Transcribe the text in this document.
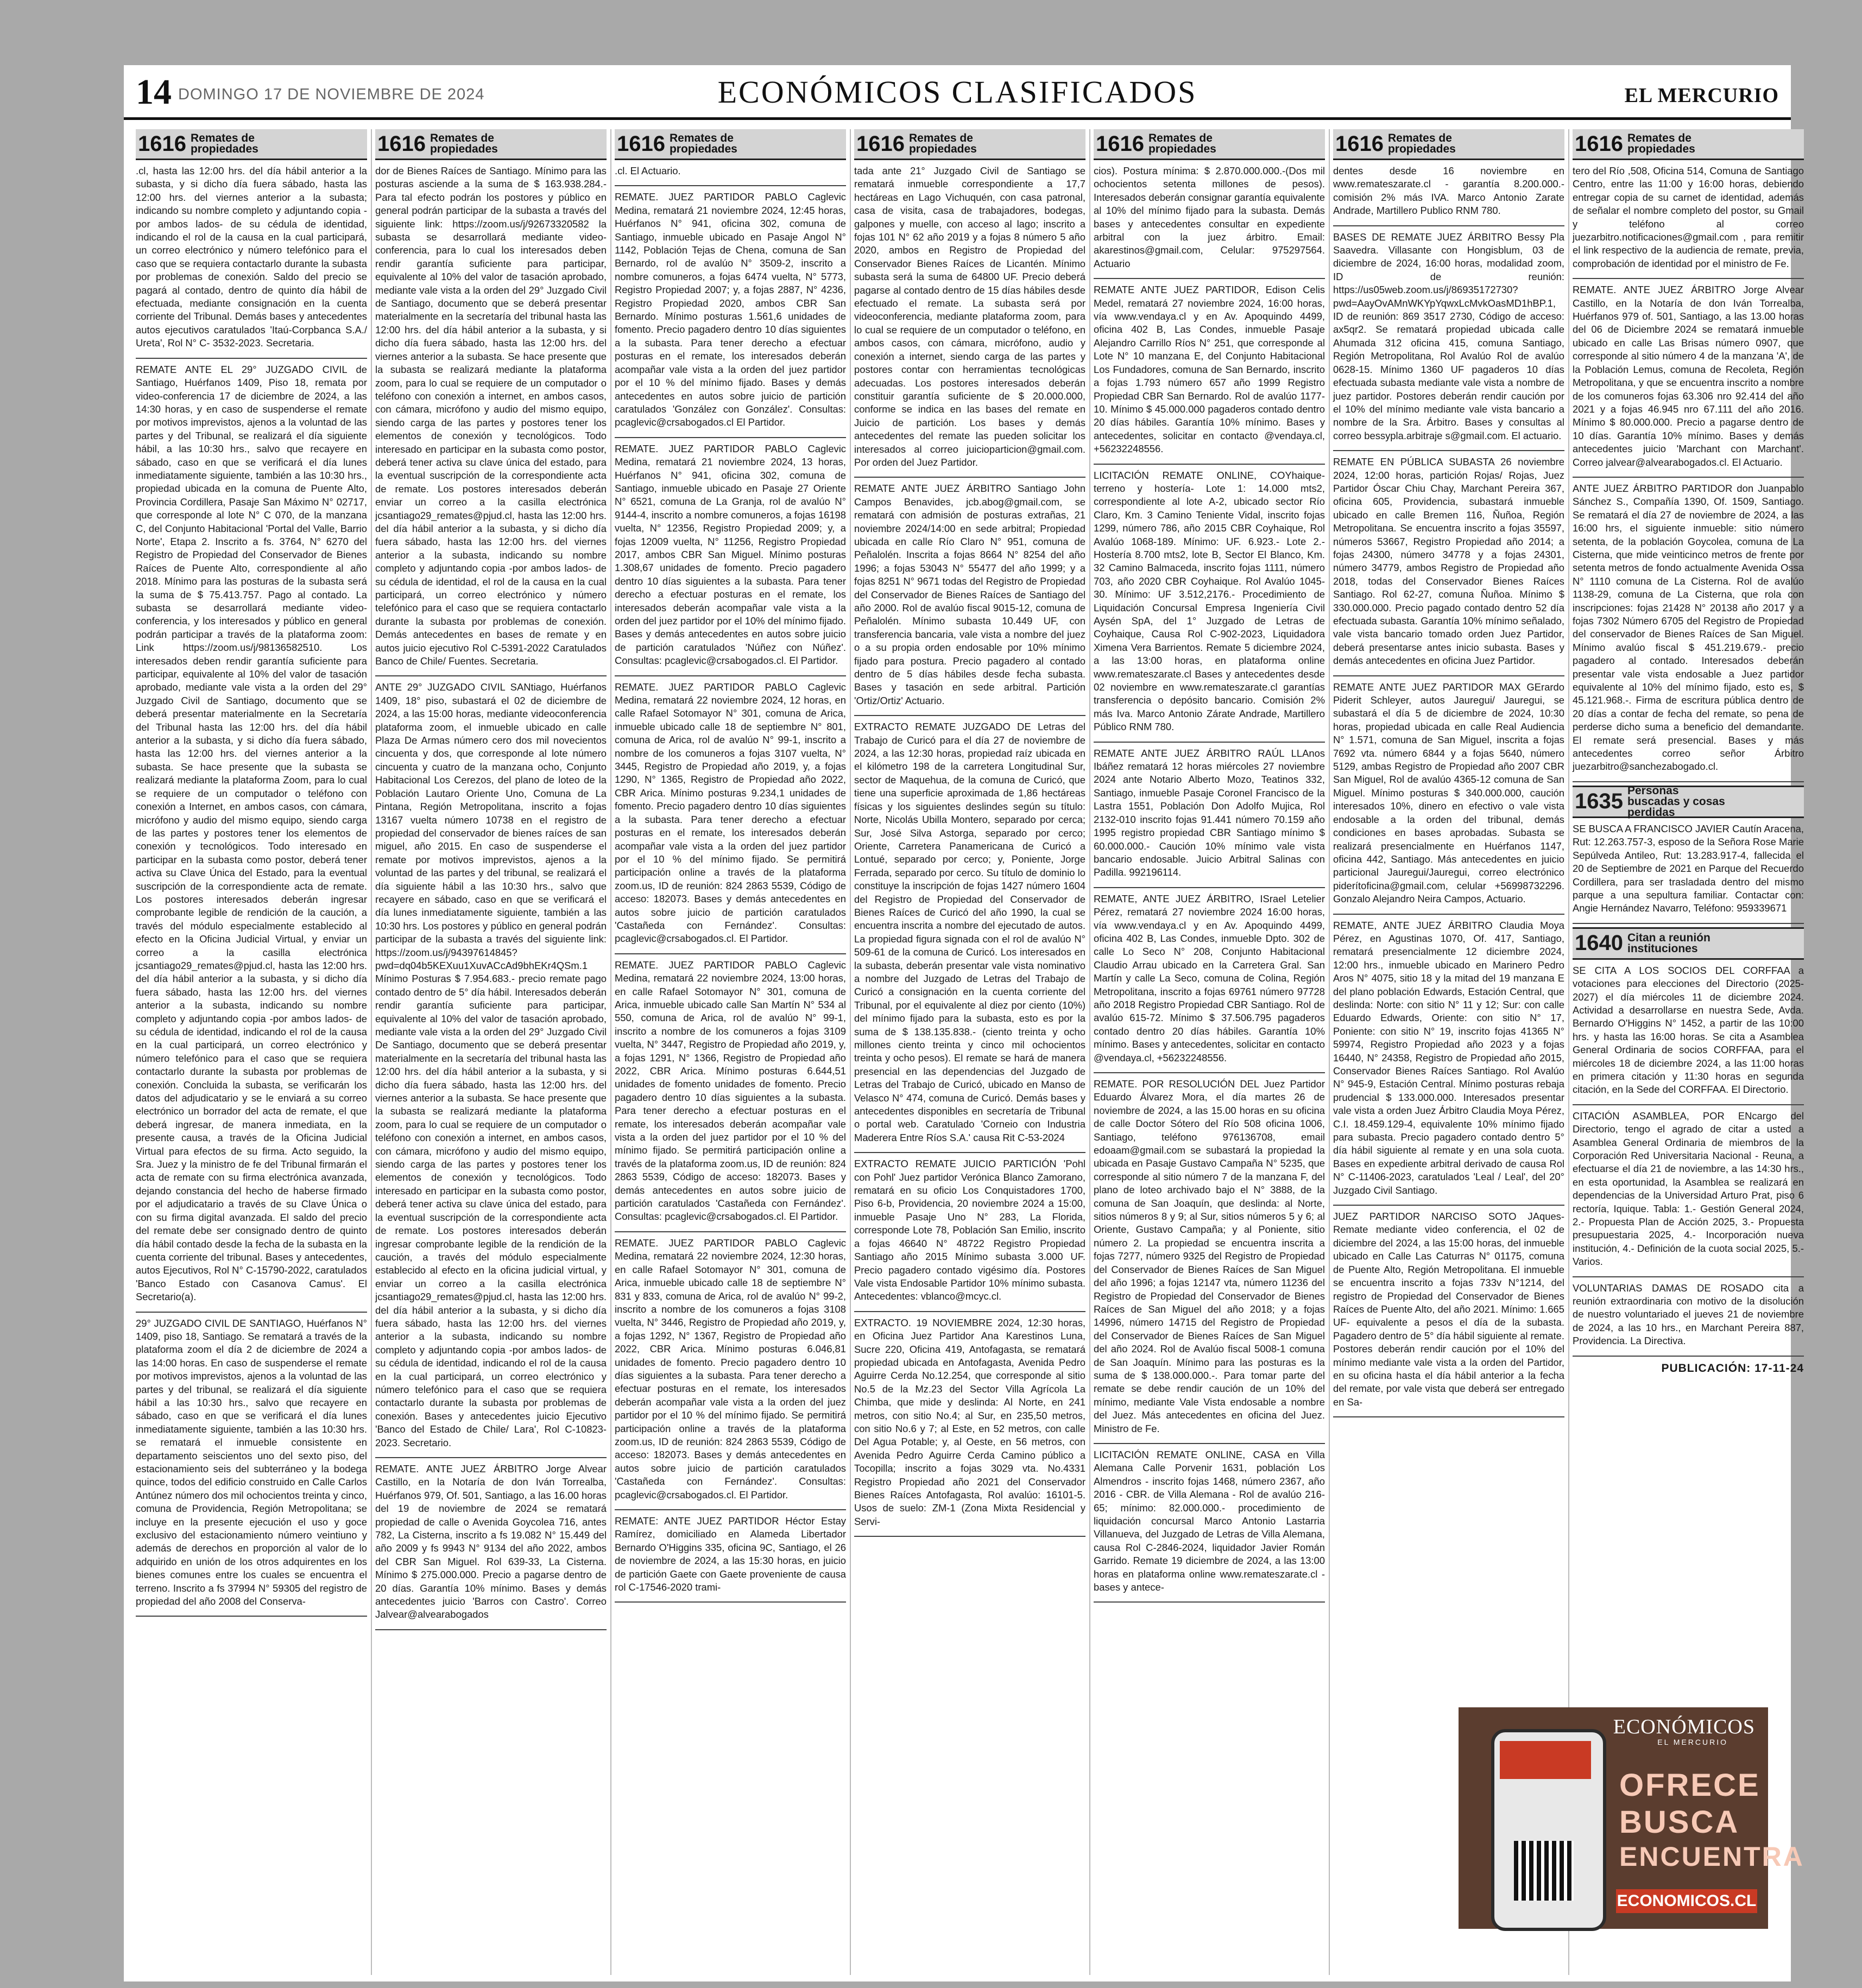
14 DOMINGO 17 DE NOVIEMBRE DE 2024	ECONÓMICOS CLASIFICADOS	EL MERCURIO
1616 Remates de propiedades

.cl, hasta las 12:00 hrs. del día hábil anterior a la subasta, y si dicho día fuera sábado, hasta las 12:00 hrs. del viernes anterior a la subasta; indicando su nombre completo y adjuntando copia -por ambos lados- de su cédula de identidad, indicando el rol de la causa en la cual participará, un correo electrónico y número telefónico para el caso que se requiera contactarlo durante la subasta por problemas de conexión. Saldo del precio se pagará al contado, dentro de quinto día hábil de efectuada, mediante consignación en la cuenta corriente del Tribunal. Demás bases y antecedentes autos ejecutivos caratulados 'Itaú-Corpbanca S.A./ Ureta', Rol N° C- 3532-2023. Secretaria.

REMATE ANTE EL 29° JUZGADO CIVIL de Santiago, Huérfanos 1409, Piso 18, remata por video-conferencia 17 de diciembre de 2024, a las 14:30 horas, y en caso de suspenderse el remate por motivos imprevistos, ajenos a la voluntad de las partes y del Tribunal, se realizará el día siguiente hábil, a las 10:30 hrs., salvo que recayere en sábado, caso en que se verificará el día lunes inmediatamente siguiente, también a las 10:30 hrs., propiedad ubicada en la comuna de Puente Alto, Provincia Cordillera, Pasaje San Máximo N° 02717, que corresponde al lote N° C 070, de la manzana C, del Conjunto Habitacional 'Portal del Valle, Barrio Norte', Etapa 2. Inscrito a fs. 3764, N° 6270 del Registro de Propiedad del Conservador de Bienes Raíces de Puente Alto, correspondiente al año 2018. Mínimo para las posturas de la subasta será la suma de $ 75.413.757. Pago al contado. La subasta se desarrollará mediante video-conferencia, y los interesados y público en general podrán participar a través de la plataforma zoom: Link https://zoom.us/j/98136582510. Los interesados deben rendir garantía suficiente para participar, equivalente al 10% del valor de tasación aprobado, mediante vale vista a la orden del 29° Juzgado Civil de Santiago, documento que se deberá presentar materialmente en la Secretaría del Tribunal hasta las 12:00 hrs. del día hábil anterior a la subasta, y si dicho día fuera sábado, hasta las 12:00 hrs. del viernes anterior a la subasta. Se hace presente que la subasta se realizará mediante la plataforma Zoom, para lo cual se requiere de un computador o teléfono con conexión a Internet, en ambos casos, con cámara, micrófono y audio del mismo equipo, siendo carga de las partes y postores tener los elementos de conexión y tecnológicos. Todo interesado en participar en la subasta como postor, deberá tener activa su Clave Única del Estado, para la eventual suscripción de la correspondiente acta de remate. Los postores interesados deberán ingresar comprobante legible de rendición de la caución, a través del módulo especialmente establecido al efecto en la Oficina Judicial Virtual, y enviar un correo a la casilla electrónica jcsantiago29_remates@pjud.cl, hasta las 12:00 hrs. del día hábil anterior a la subasta, y si dicho día fuera sábado, hasta las 12:00 hrs. del viernes anterior a la subasta, indicando su nombre completo y adjuntando copia -por ambos lados- de su cédula de identidad, indicando el rol de la causa en la cual participará, un correo electrónico y número telefónico para el caso que se requiera contactarlo durante la subasta por problemas de conexión. Concluida la subasta, se verificarán los datos del adjudicatario y se le enviará a su correo electrónico un borrador del acta de remate, el que deberá ingresar, de manera inmediata, en la presente causa, a través de la Oficina Judicial Virtual para efectos de su firma. Acto seguido, la Sra. Juez y la ministro de fe del Tribunal firmarán el acta de remate con su firma electrónica avanzada, dejando constancia del hecho de haberse firmado por el adjudicatario a través de su Clave Única o con su firma digital avanzada. El saldo del precio del remate debe ser consignado dentro de quinto día hábil contado desde la fecha de la subasta en la cuenta corriente del tribunal. Bases y antecedentes, autos Ejecutivos, Rol N° C-15790-2022, caratulados 'Banco Estado con Casanova Camus'. El Secretario(a).

29° JUZGADO CIVIL DE SANTIAGO, Huérfanos N° 1409, piso 18, Santiago. Se rematará a través de la plataforma zoom el día 2 de diciembre de 2024 a las 14:00 horas. En caso de suspenderse el remate por motivos imprevistos, ajenos a la voluntad de las partes y del tribunal, se realizará el día siguiente hábil a las 10:30 hrs., salvo que recayere en sábado, caso en que se verificará el día lunes inmediatamente siguiente, también a las 10:30 hrs. se rematará el inmueble consistente en departamento seiscientos uno del sexto piso, del estacionamiento seis del subterráneo y la bodega quince, todos del edificio construido en Calle Carlos Antúnez número dos mil ochocientos treinta y cinco, comuna de Providencia, Región Metropolitana; se incluye en la presente ejecución el uso y goce exclusivo del estacionamiento número veintiuno y además de derechos en proporción al valor de lo adquirido en unión de los otros adquirentes en los bienes comunes entre los cuales se encuentra el terreno. Inscrito a fs 37994 N° 59305 del registro de propiedad del año 2008 del Conserva-

1616 Remates de propiedades

dor de Bienes Raíces de Santiago. Mínimo para las posturas asciende a la suma de $ 163.938.284.- Para tal efecto podrán los postores y público en general podrán participar de la subasta a través del siguiente link: https://zoom.us/j/92673320582 la subasta se desarrollará mediante video-conferencia, para lo cual los interesados deben rendir garantía suficiente para participar, equivalente al 10% del valor de tasación aprobado, mediante vale vista a la orden del 29° Juzgado Civil de Santiago, documento que se deberá presentar materialmente en la secretaría del tribunal hasta las 12:00 hrs. del día hábil anterior a la subasta, y si dicho día fuera sábado, hasta las 12:00 hrs. del viernes anterior a la subasta. Se hace presente que la subasta se realizará mediante la plataforma zoom, para lo cual se requiere de un computador o teléfono con conexión a internet, en ambos casos, con cámara, micrófono y audio del mismo equipo, siendo carga de las partes y postores tener los elementos de conexión y tecnológicos. Todo interesado en participar en la subasta como postor, deberá tener activa su clave única del estado, para la eventual suscripción de la correspondiente acta de remate. Los postores interesados deberán enviar un correo a la casilla electrónica jcsantiago29_remates@pjud.cl, hasta las 12:00 hrs. del día hábil anterior a la subasta, y si dicho día fuera sábado, hasta las 12:00 hrs. del viernes anterior a la subasta, indicando su nombre completo y adjuntando copia -por ambos lados- de su cédula de identidad, el rol de la causa en la cual participará, un correo electrónico y número telefónico para el caso que se requiera contactarlo durante la subasta por problemas de conexión. Demás antecedentes en bases de remate y en autos juicio ejecutivo Rol C-5391-2022 Caratulados Banco de Chile/ Fuentes. Secretaria.

ANTE 29° JUZGADO CIVIL SANtiago, Huérfanos 1409, 18° piso, subastará el 02 de diciembre de 2024, a las 15:00 horas, mediante videoconferencia plataforma zoom, el inmueble ubicado en calle Plaza De Armas número cero dos mil novecientos cincuenta y dos, que corresponde al lote número cincuenta y cuatro de la manzana ocho, Conjunto Habitacional Los Cerezos, del plano de loteo de la Población Lautaro Oriente Uno, Comuna de La Pintana, Región Metropolitana, inscrito a fojas 13167 vuelta número 10738 en el registro de propiedad del conservador de bienes raíces de san miguel, año 2015. En caso de suspenderse el remate por motivos imprevistos, ajenos a la voluntad de las partes y del tribunal, se realizará el día siguiente hábil a las 10:30 hrs., salvo que recayere en sábado, caso en que se verificará el día lunes inmediatamente siguiente, también a las 10:30 hrs. Los postores y público en general podrán participar de la subasta a través del siguiente link: https://zoom.us/j/94397614845?pwd=dq04b5KEXuu1XuvACcAd9bhEKr4QSm.1 Mínimo Posturas $ 7.954.683.- precio remate pago contado dentro de 5° día hábil. Interesados deberán rendir garantía suficiente para participar, equivalente al 10% del valor de tasación aprobado, mediante vale vista a la orden del 29° Juzgado Civil De Santiago, documento que se deberá presentar materialmente en la secretaría del tribunal hasta las 12:00 hrs. del día hábil anterior a la subasta, y si dicho día fuera sábado, hasta las 12:00 hrs. del viernes anterior a la subasta. Se hace presente que la subasta se realizará mediante la plataforma zoom, para lo cual se requiere de un computador o teléfono con conexión a internet, en ambos casos, con cámara, micrófono y audio del mismo equipo, siendo carga de las partes y postores tener los elementos de conexión y tecnológicos. Todo interesado en participar en la subasta como postor, deberá tener activa su clave única del estado, para la eventual suscripción de la correspondiente acta de remate. Los postores interesados deberán ingresar comprobante legible de la rendición de la caución, a través del módulo especialmente establecido al efecto en la oficina judicial virtual, y enviar un correo a la casilla electrónica jcsantiago29_remates@pjud.cl, hasta las 12:00 hrs. del día hábil anterior a la subasta, y si dicho día fuera sábado, hasta las 12:00 hrs. del viernes anterior a la subasta, indicando su nombre completo y adjuntando copia -por ambos lados- de su cédula de identidad, indicando el rol de la causa en la cual participará, un correo electrónico y número telefónico para el caso que se requiera contactarlo durante la subasta por problemas de conexión. Bases y antecedentes juicio Ejecutivo 'Banco del Estado de Chile/ Lara', Rol C-10823-2023. Secretario.

REMATE. ANTE JUEZ ÁRBITRO Jorge Alvear Castillo, en la Notaría de don Iván Torrealba, Huérfanos 979, Of. 501, Santiago, a las 16.00 horas del 19 de noviembre de 2024 se rematará propiedad de calle o Avenida Goycolea 716, antes 782, La Cisterna, inscrito a fs 19.082 N° 15.449 del año 2009 y fs 9943 N° 9134 del año 2022, ambos del CBR San Miguel. Rol 639-33, La Cisterna. Mínimo $ 275.000.000. Precio a pagarse dentro de 20 días. Garantía 10% mínimo. Bases y demás antecedentes juicio 'Barros con Castro'. Correo Jalvear@alvearabogados

1616 Remates de propiedades

.cl. El Actuario.

REMATE. JUEZ PARTIDOR PABLO Caglevic Medina, rematará 21 noviembre 2024, 12:45 horas, Huérfanos N° 941, oficina 302, comuna de Santiago, inmueble ubicado en Pasaje Angol N° 1142, Población Tejas de Chena, comuna de San Bernardo, rol de avalúo N° 3509-2, inscrito a nombre comuneros, a fojas 6474 vuelta, N° 5773, Registro Propiedad 2007; y, a fojas 2887, N° 4236, Registro Propiedad 2020, ambos CBR San Bernardo. Mínimo posturas 1.561,6 unidades de fomento. Precio pagadero dentro 10 días siguientes a la subasta. Para tener derecho a efectuar posturas en el remate, los interesados deberán acompañar vale vista a la orden del juez partidor por el 10 % del mínimo fijado. Bases y demás antecedentes en autos sobre juicio de partición caratulados 'González con González'. Consultas: pcaglevic@crsabogados.cl El Partidor.

REMATE. JUEZ PARTIDOR PABLO Caglevic Medina, rematará 21 noviembre 2024, 13 horas, Huérfanos N° 941, oficina 302, comuna de Santiago, inmueble ubicado en Pasaje 27 Oriente N° 6521, comuna de La Granja, rol de avalúo N° 9144-4, inscrito a nombre comuneros, a fojas 16198 vuelta, N° 12356, Registro Propiedad 2009; y, a fojas 12009 vuelta, N° 11256, Registro Propiedad 2017, ambos CBR San Miguel. Mínimo posturas 1.308,67 unidades de fomento. Precio pagadero dentro 10 días siguientes a la subasta. Para tener derecho a efectuar posturas en el remate, los interesados deberán acompañar vale vista a la orden del juez partidor por el 10% del mínimo fijado. Bases y demás antecedentes en autos sobre juicio de partición caratulados 'Núñez con Núñez'. Consultas: pcaglevic@crsabogados.cl. El Partidor.

REMATE. JUEZ PARTIDOR PABLO Caglevic Medina, rematará 22 noviembre 2024, 12 horas, en calle Rafael Sotomayor N° 301, comuna de Arica, inmueble ubicado calle 18 de septiembre N° 801, comuna de Arica, rol de avalúo N° 99-1, inscrito a nombre de los comuneros a fojas 3107 vuelta, N° 3445, Registro de Propiedad año 2019, y, a fojas 1290, N° 1365, Registro de Propiedad año 2022, CBR Arica. Mínimo posturas 9.234,1 unidades de fomento. Precio pagadero dentro 10 días siguientes a la subasta. Para tener derecho a efectuar posturas en el remate, los interesados deberán acompañar vale vista a la orden del juez partidor por el 10 % del mínimo fijado. Se permitirá participación online a través de la plataforma zoom.us, ID de reunión: 824 2863 5539, Código de acceso: 182073. Bases y demás antecedentes en autos sobre juicio de partición caratulados 'Castañeda con Fernández'. Consultas: pcaglevic@crsabogados.cl. El Partidor.

REMATE. JUEZ PARTIDOR PABLO Caglevic Medina, rematará 22 noviembre 2024, 13:00 horas, en calle Rafael Sotomayor N° 301, comuna de Arica, inmueble ubicado calle San Martín N° 534 al 550, comuna de Arica, rol de avalúo N° 99-1, inscrito a nombre de los comuneros a fojas 3109 vuelta, N° 3447, Registro de Propiedad año 2019, y, a fojas 1291, N° 1366, Registro de Propiedad año 2022, CBR Arica. Mínimo posturas 6.644,51 unidades de fomento unidades de fomento. Precio pagadero dentro 10 días siguientes a la subasta. Para tener derecho a efectuar posturas en el remate, los interesados deberán acompañar vale vista a la orden del juez partidor por el 10 % del mínimo fijado. Se permitirá participación online a través de la plataforma zoom.us, ID de reunión: 824 2863 5539, Código de acceso: 182073. Bases y demás antecedentes en autos sobre juicio de partición caratulados 'Castañeda con Fernández'. Consultas: pcaglevic@crsabogados.cl. El Partidor.

REMATE. JUEZ PARTIDOR PABLO Caglevic Medina, rematará 22 noviembre 2024, 12:30 horas, en calle Rafael Sotomayor N° 301, comuna de Arica, inmueble ubicado calle 18 de septiembre N° 831 y 833, comuna de Arica, rol de avalúo N° 99-2, inscrito a nombre de los comuneros a fojas 3108 vuelta, N° 3446, Registro de Propiedad año 2019, y, a fojas 1292, N° 1367, Registro de Propiedad año 2022, CBR Arica. Mínimo posturas 6.046,81 unidades de fomento. Precio pagadero dentro 10 días siguientes a la subasta. Para tener derecho a efectuar posturas en el remate, los interesados deberán acompañar vale vista a la orden del juez partidor por el 10 % del mínimo fijado. Se permitirá participación online a través de la plataforma zoom.us, ID de reunión: 824 2863 5539, Código de acceso: 182073. Bases y demás antecedentes en autos sobre juicio de partición caratulados 'Castañeda con Fernández'. Consultas: pcaglevic@crsabogados.cl. El Partidor.

REMATE: ANTE JUEZ PARTIDOR Héctor Estay Ramírez, domiciliado en Alameda Libertador Bernardo O'Higgins 335, oficina 9C, Santiago, el 26 de noviembre de 2024, a las 15:30 horas, en juicio de partición Gaete con Gaete proveniente de causa rol C-17546-2020 trami-

1616 Remates de propiedades

tada ante 21° Juzgado Civil de Santiago se rematará inmueble correspondiente a 17,7 hectáreas en Lago Vichuquén, con casa patronal, casa de visita, casa de trabajadores, bodegas, galpones y muelle, con acceso al lago; inscrito a fojas 101 N° 62 año 2019 y a fojas 8 número 5 año 2020, ambos en Registro de Propiedad del Conservador Bienes Raíces de Licantén. Mínimo subasta será la suma de 64800 UF. Precio deberá pagarse al contado dentro de 15 días hábiles desde efectuado el remate. La subasta será por videoconferencia, mediante plataforma zoom, para lo cual se requiere de un computador o teléfono, en ambos casos, con cámara, micrófono, audio y conexión a internet, siendo carga de las partes y postores contar con herramientas tecnológicas adecuadas. Los postores interesados deberán constituir garantía suficiente de $ 20.000.000, conforme se indica en las bases del remate en Juicio de partición. Los bases y demás antecedentes del remate las pueden solicitar los interesados al correo juicioparticion@gmail.com. Por orden del Juez Partidor.

REMATE ANTE JUEZ ÁRBITRO Santiago John Campos Benavides, jcb.abog@gmail.com, se rematará con admisión de posturas extrañas, 21 noviembre 2024/14:00 en sede arbitral; Propiedad ubicada en calle Río Claro N° 951, comuna de Peñalolén. Inscrita a fojas 8664 N° 8254 del año 1996; a fojas 53043 N° 55477 del año 1999; y a fojas 8251 N° 9671 todas del Registro de Propiedad del Conservador de Bienes Raíces de Santiago del año 2000. Rol de avalúo fiscal 9015-12, comuna de Peñalolén. Mínimo subasta 10.449 UF, con transferencia bancaria, vale vista a nombre del juez o a su propia orden endosable por 10% mínimo fijado para postura. Precio pagadero al contado dentro de 5 días hábiles desde fecha subasta. Bases y tasación en sede arbitral. Partición 'Ortiz/Ortiz' Actuario.

EXTRACTO REMATE JUZGADO DE Letras del Trabajo de Curicó para el día 27 de noviembre de 2024, a las 12:30 horas, propiedad raíz ubicada en el kilómetro 198 de la carretera Longitudinal Sur, sector de Maquehua, de la comuna de Curicó, que tiene una superficie aproximada de 1,86 hectáreas físicas y los siguientes deslindes según su título: Norte, Nicolás Ubilla Montero, separado por cerca; Sur, José Silva Astorga, separado por cerco; Oriente, Carretera Panamericana de Curicó a Lontué, separado por cerco; y, Poniente, Jorge Ferrada, separado por cerco. Su título de dominio lo constituye la inscripción de fojas 1427 número 1604 del Registro de Propiedad del Conservador de Bienes Raíces de Curicó del año 1990, la cual se encuentra inscrita a nombre del ejecutado de autos. La propiedad figura signada con el rol de avalúo N° 509-61 de la comuna de Curicó. Los interesados en la subasta, deberán presentar vale vista nominativo a nombre del Juzgado de Letras del Trabajo de Curicó a consignación en la cuenta corriente del Tribunal, por el equivalente al diez por ciento (10%) del mínimo fijado para la subasta, esto es por la suma de $ 138.135.838.- (ciento treinta y ocho millones ciento treinta y cinco mil ochocientos treinta y ocho pesos). El remate se hará de manera presencial en las dependencias del Juzgado de Letras del Trabajo de Curicó, ubicado en Manso de Velasco N° 474, comuna de Curicó. Demás bases y antecedentes disponibles en secretaría de Tribunal o portal web. Caratulado 'Corneio con Industria Maderera Entre Ríos S.A.' causa Rit C-53-2024

EXTRACTO REMATE JUICIO PARTICIÓN 'Pohl con Pohl' Juez partidor Verónica Blanco Zamorano, rematará en su oficio Los Conquistadores 1700, Piso 6-b, Providencia, 20 noviembre 2024 a 15:00, inmueble Pasaje Uno N° 283, La Florida, corresponde Lote 78, Población San Emilio, inscrito a fojas 46640 N° 48722 Registro Propiedad Santiago año 2015 Mínimo subasta 3.000 UF. Precio pagadero contado vigésimo día. Postores Vale vista Endosable Partidor 10% mínimo subasta. Antecedentes: vblanco@mcyc.cl.

EXTRACTO. 19 NOVIEMBRE 2024, 12:30 horas, en Oficina Juez Partidor Ana Karestinos Luna, Sucre 220, Oficina 419, Antofagasta, se rematará propiedad ubicada en Antofagasta, Avenida Pedro Aguirre Cerda No.12.254, que corresponde al sitio No.5 de la Mz.23 del Sector Villa Agrícola La Chimba, que mide y deslinda: Al Norte, en 241 metros, con sitio No.4; al Sur, en 235,50 metros, con sitio No.6 y 7; al Este, en 52 metros, con calle Del Agua Potable; y, al Oeste, en 56 metros, con Avenida Pedro Aguirre Cerda Camino público a Tocopilla; inscrito a fojas 3029 vta. No.4331 Registro Propiedad año 2021 del Conservador Bienes Raíces Antofagasta, Rol avalúo: 16101-5. Usos de suelo: ZM-1 (Zona Mixta Residencial y Servi-

1616 Remates de propiedades

cios). Postura mínima: $ 2.870.000.000.-(Dos mil ochocientos setenta millones de pesos). Interesados deberán consignar garantía equivalente al 10% del mínimo fijado para la subasta. Demás bases y antecedentes consultar en expediente arbitral con la juez árbitro. Email: akarestinos@gmail.com, Celular: 975297564. Actuario

REMATE ANTE JUEZ PARTIDOR, Edison Celis Medel, rematará 27 noviembre 2024, 16:00 horas, vía www.vendaya.cl y en Av. Apoquindo 4499, oficina 402 B, Las Condes, inmueble Pasaje Alejandro Carrillo Ríos N° 251, que corresponde al Lote N° 10 manzana E, del Conjunto Habitacional Los Fundadores, comuna de San Bernardo, inscrito a fojas 1.793 número 657 año 1999 Registro Propiedad CBR San Bernardo. Rol de avalúo 1177-10. Mínimo $ 45.000.000 pagaderos contado dentro 20 días hábiles. Garantía 10% mínimo. Bases y antecedentes, solicitar en contacto @vendaya.cl, +56232248556.

LICITACIÓN REMATE ONLINE, COYhaique- terreno y hostería- Lote 1: 14.000 mts2, correspondiente al lote A-2, ubicado sector Río Claro, Km. 3 Camino Teniente Vidal, inscrito fojas 1299, número 786, año 2015 CBR Coyhaique, Rol Avalúo 1068-189. Mínimo: UF. 6.923.- Lote 2.- Hostería 8.700 mts2, lote B, Sector El Blanco, Km. 32 Camino Balmaceda, inscrito fojas 1111, número 703, año 2020 CBR Coyhaique. Rol Avalúo 1045-30. Mínimo: UF 3.512,2176.- Procedimiento de Liquidación Concursal Empresa Ingeniería Civil Aysén SpA, del 1° Juzgado de Letras de Coyhaique, Causa Rol C-902-2023, Liquidadora Ximena Vera Barrientos. Remate 5 diciembre 2024, a las 13:00 horas, en plataforma online www.remateszarate.cl Bases y antecedentes desde 02 noviembre en www.remateszarate.cl garantías transferencia o depósito bancario. Comisión 2% más Iva. Marco Antonio Zárate Andrade, Martillero Público RNM 780.

REMATE ANTE JUEZ ÁRBITRO RAÚL LLAnos Ibáñez rematará 12 horas miércoles 27 noviembre 2024 ante Notario Alberto Mozo, Teatinos 332, Santiago, inmueble Pasaje Coronel Francisco de la Lastra 1551, Población Don Adolfo Mujica, Rol 2132-010 inscrito fojas 91.441 número 70.159 año 1995 registro propiedad CBR Santiago mínimo $ 60.000.000.- Caución 10% mínimo vale vista bancario endosable. Juicio Arbitral Salinas con Padilla. 992196114.

REMATE, ANTE JUEZ ÁRBITRO, ISrael Letelier Pérez, rematará 27 noviembre 2024 16:00 horas, vía www.vendaya.cl y en Av. Apoquindo 4499, oficina 402 B, Las Condes, inmueble Dpto. 302 de calle Lo Seco N° 208, Conjunto Habitacional Claudio Arrau ubicado en la Carretera Gral. San Martín y calle La Seco, comuna de Colina, Región Metropolitana, inscrito a fojas 69761 número 97728 año 2018 Registro Propiedad CBR Santiago. Rol de avalúo 615-72. Mínimo $ 37.506.795 pagaderos contado dentro 20 días hábiles. Garantía 10% mínimo. Bases y antecedentes, solicitar en contacto @vendaya.cl, +56232248556.

REMATE. POR RESOLUCIÓN DEL Juez Partidor Eduardo Álvarez Mora, el día martes 26 de noviembre de 2024, a las 15.00 horas en su oficina de calle Doctor Sótero del Río 508 oficina 1006, Santiago, teléfono 976136708, email edoaam@gmail.com se subastará la propiedad la ubicada en Pasaje Gustavo Campaña N° 5235, que corresponde al sitio número 7 de la manzana F, del plano de loteo archivado bajo el N° 3888, de la comuna de San Joaquín, que deslinda: al Norte, sitios números 8 y 9; al Sur, sitios números 5 y 6; al Oriente, Gustavo Campaña; y al Poniente, sitio número 2. La propiedad se encuentra inscrita a fojas 7277, número 9325 del Registro de Propiedad del Conservador de Bienes Raíces de San Miguel del año 1996; a fojas 12147 vta, número 11236 del Registro de Propiedad del Conservador de Bienes Raíces de San Miguel del año 2018; y a fojas 14996, número 14715 del Registro de Propiedad del Conservador de Bienes Raíces de San Miguel del año 2024. Rol de Avalúo fiscal 5008-1 comuna de San Joaquín. Mínimo para las posturas es la suma de $ 138.000.000.-. Para tomar parte del remate se debe rendir caución de un 10% del mínimo, mediante Vale Vista endosable a nombre del Juez. Más antecedentes en oficina del Juez. Ministro de Fe.

LICITACIÓN REMATE ONLINE, CASA en Villa Alemana Calle Porvenir 1631, población Los Almendros - inscrito fojas 1468, número 2367, año 2016 - CBR. de Villa Alemana - Rol de avalúo 216-65; mínimo: 82.000.000.- procedimiento de liquidación concursal Marco Antonio Lastarria Villanueva, del Juzgado de Letras de Villa Alemana, causa Rol C-2846-2024, liquidador Javier Román Garrido. Remate 19 diciembre de 2024, a las 13:00 horas en plataforma online www.remateszarate.cl - bases y antece-

1616 Remates de propiedades

dentes desde 16 noviembre en www.remateszarate.cl - garantía 8.200.000.- comisión 2% más IVA. Marco Antonio Zarate Andrade, Martillero Publico RNM 780.

BASES DE REMATE JUEZ ÁRBITRO Bessy Pla Saavedra. Villasante con Hongisblum, 03 de diciembre de 2024, 16:00 horas, modalidad zoom, ID de reunión: https://us05web.zoom.us/j/86935172730?pwd=AayOvAMnWKYpYqwxLcMvkOasMD1hBP.1, ID de reunión: 869 3517 2730, Código de acceso: ax5qr2. Se rematará propiedad ubicada calle Ahumada 312 oficina 415, comuna Santiago, Región Metropolitana, Rol Avalúo Rol de avalúo 0628-15. Mínimo 1360 UF pagaderos 10 días efectuada subasta mediante vale vista a nombre de juez partidor. Postores deberán rendir caución por el 10% del mínimo mediante vale vista bancario a nombre de la Sra. Árbitro. Bases y consultas al correo bessypla.arbitraje s@gmail.com. El actuario.

REMATE EN PÚBLICA SUBASTA 26 noviembre 2024, 12:00 horas, partición Rojas/ Rojas, Juez Partidor Óscar Chiu Chay, Marchant Pereira 367, oficina 605, Providencia, subastará inmueble ubicado en calle Bremen 116, Ñuñoa, Región Metropolitana. Se encuentra inscrito a fojas 35597, números 53667, Registro Propiedad año 2014; a fojas 24300, número 34778 y a fojas 24301, número 34779, ambos Registro de Propiedad año 2018, todas del Conservador Bienes Raíces Santiago. Rol 62-27, comuna Ñuñoa. Mínimo $ 330.000.000. Precio pagado contado dentro 52 día efectuada subasta. Garantía 10% mínimo señalado, vale vista bancario tomado orden Juez Partidor, deberá presentarse antes inicio subasta. Bases y demás antecedentes en oficina Juez Partidor.

REMATE ANTE JUEZ PARTIDOR MAX GErardo Piderit Schleyer, autos Jauregui/ Jauregui, se subastará el día 5 de diciembre de 2024, 10:30 horas, propiedad ubicada en calle Real Audiencia N° 1.571, comuna de San Miguel, inscrita a fojas 7692 vta. número 6844 y a fojas 5640, número 5129, ambas Registro de Propiedad año 2007 CBR San Miguel, Rol de avalúo 4365-12 comuna de San Miguel. Mínimo posturas $ 340.000.000, caución interesados 10%, dinero en efectivo o vale vista endosable a la orden del tribunal, demás condiciones en bases aprobadas. Subasta se realizará presencialmente en Huérfanos 1147, oficina 442, Santiago. Más antecedentes en juicio particional Jauregui/Jauregui, correo electrónico piderítoficina@gmail.com, celular +56998732296. Gonzalo Alejandro Neira Campos, Actuario.

REMATE, ANTE JUEZ ÁRBITRO Claudia Moya Pérez, en Agustinas 1070, Of. 417, Santiago, rematará presencialmente 12 diciembre 2024, 12:00 hrs., inmueble ubicado en Marinero Pedro Aros N° 4075, sitio 18 y la mitad del 19 manzana E del plano población Edwards, Estación Central, que deslinda: Norte: con sitio N° 11 y 12; Sur: con calle Eduardo Edwards, Oriente: con sitio N° 17, Poniente: con sitio N° 19, inscrito fojas 41365 N° 59974, Registro Propiedad año 2023 y a fojas 16440, N° 24358, Registro de Propiedad año 2015, Conservador Bienes Raíces Santiago. Rol Avalúo N° 945-9, Estación Central. Mínimo posturas rebaja prudencial $ 133.000.000. Interesados presentar vale vista a orden Juez Árbitro Claudia Moya Pérez, C.I. 18.459.129-4, equivalente 10% mínimo fijado para subasta. Precio pagadero contado dentro 5° día hábil siguiente al remate y en una sola cuota. Bases en expediente arbitral derivado de causa Rol N° C-11406-2023, caratulados 'Leal / Leal', del 20° Juzgado Civil Santiago.

JUEZ PARTIDOR NARCISO SOTO JAques- Remate mediante video conferencia, el 02 de diciembre del 2024, a las 15:00 horas, del inmueble ubicado en Calle Las Caturras N° 01175, comuna de Puente Alto, Región Metropolitana. El inmueble se encuentra inscrito a fojas 733v N°1214, del registro de Propiedad del Conservador de Bienes Raíces de Puente Alto, del año 2021. Mínimo: 1.665 UF- equivalente a pesos el día de la subasta. Pagadero dentro de 5° día hábil siguiente al remate. Postores deberán rendir caución por el 10% del mínimo mediante vale vista a la orden del Partidor, en su oficina hasta el día hábil anterior a la fecha del remate, por vale vista que deberá ser entregado en Sa-

1616 Remates de propiedades

tero del Río ,508, Oficina 514, Comuna de Santiago Centro, entre las 11:00 y 16:00 horas, debiendo entregar copia de su carnet de identidad, además de señalar el nombre completo del postor, su Gmail y teléfono al correo juezarbitro.notificaciones@gmail.com , para remitir el link respectivo de la audiencia de remate, previa, comprobación de identidad por el ministro de Fe.

REMATE. ANTE JUEZ ÁRBITRO Jorge Alvear Castillo, en la Notaría de don Iván Torrealba, Huérfanos 979 of. 501, Santiago, a las 13.00 horas del 06 de Diciembre 2024 se rematará inmueble ubicado en calle Las Brisas número 0907, que corresponde al sitio número 4 de la manzana 'A', de la Población Lemus, comuna de Recoleta, Región Metropolitana, y que se encuentra inscrito a nombre de los comuneros fojas 63.306 nro 92.414 del año 2021 y a fojas 46.945 nro 67.111 del año 2016. Mínimo $ 80.000.000. Precio a pagarse dentro de 10 días. Garantía 10% mínimo. Bases y demás antecedentes juicio 'Marchant con Marchant'. Correo jalvear@alvearabogados.cl. El Actuario.

ANTE JUEZ ÁRBITRO PARTIDOR don Juanpablo Sánchez S., Compañía 1390, Of. 1509, Santiago. Se rematará el día 27 de noviembre de 2024, a las 16:00 hrs, el siguiente inmueble: sitio número setenta, de la población Goycolea, comuna de La Cisterna, que mide veinticinco metros de frente por setenta metros de fondo actualmente Avenida Ossa N° 1110 comuna de La Cisterna. Rol de avalúo 1138-29, comuna de La Cisterna, que rola con inscripciones: fojas 21428 N° 20138 año 2017 y a fojas 7302 Número 6705 del Registro de Propiedad del conservador de Bienes Raíces de San Miguel. Mínimo avalúo fiscal $ 451.219.679.- precio pagadero al contado. Interesados deberán presentar vale vista endosable a Juez partidor equivalente al 10% del mínimo fijado, esto es, $ 45.121.968.-. Firma de escritura pública dentro de 20 días a contar de fecha del remate, so pena de perderse dicho suma a beneficio del demandante. El remate será presencial. Bases y más antecedentes correo señor Árbitro juezarbitro@sanchezabogado.cl.

1635 Personas buscadas y cosas perdidas

SE BUSCA A FRANCISCO JAVIER Cautín Aracena, Rut: 12.263.757-3, esposo de la Señora Rose Marie Sepúlveda Antileo, Rut: 13.283.917-4, fallecida el 20 de Septiembre de 2021 en Parque del Recuerdo Cordillera, para ser trasladada dentro del mismo parque a una sepultura familiar. Contactar con: Angie Hernández Navarro, Teléfono: 959339671

1640 Citan a reunión instituciones

SE CITA A LOS SOCIOS DEL CORFFAA a votaciones para elecciones del Directorio (2025- 2027) el día miércoles 11 de diciembre 2024. Actividad a desarrollarse en nuestra Sede, Avda. Bernardo O'Higgins N° 1452, a partir de las 10:00 hrs. y hasta las 16:00 horas. Se cita a Asamblea General Ordinaria de socios CORFFAA, para el miércoles 18 de diciembre 2024, a las 11:00 horas en primera citación y 11:30 horas en segunda citación, en la Sede del CORFFAA. El Directorio.

CITACIÓN ASAMBLEA, POR ENcargo del Directorio, tengo el agrado de citar a usted a Asamblea General Ordinaria de miembros de la Corporación Red Universitaria Nacional - Reuna, a efectuarse el día 21 de noviembre, a las 14:30 hrs., en esta oportunidad, la Asamblea se realizará en dependencias de la Universidad Arturo Prat, piso 6 rectoría, Iquique. Tabla: 1.- Gestión General 2024, 2.- Propuesta Plan de Acción 2025, 3.- Propuesta presupuestaria 2025, 4.- Incorporación nueva institución, 4.- Definición de la cuota social 2025, 5.-Varios.

VOLUNTARIAS DAMAS DE ROSADO cita a reunión extraordinaria con motivo de la disolución de nuestro voluntariado el jueves 21 de noviembre de 2024, a las 10 hrs., en Marchant Pereira 887, Providencia. La Directiva.

PUBLICACIÓN: 17-11-24
ECONÓMICOS
EL MERCURIO
OFRECE
BUSCA
ENCUENTRA
ECONOMICOS.CL
